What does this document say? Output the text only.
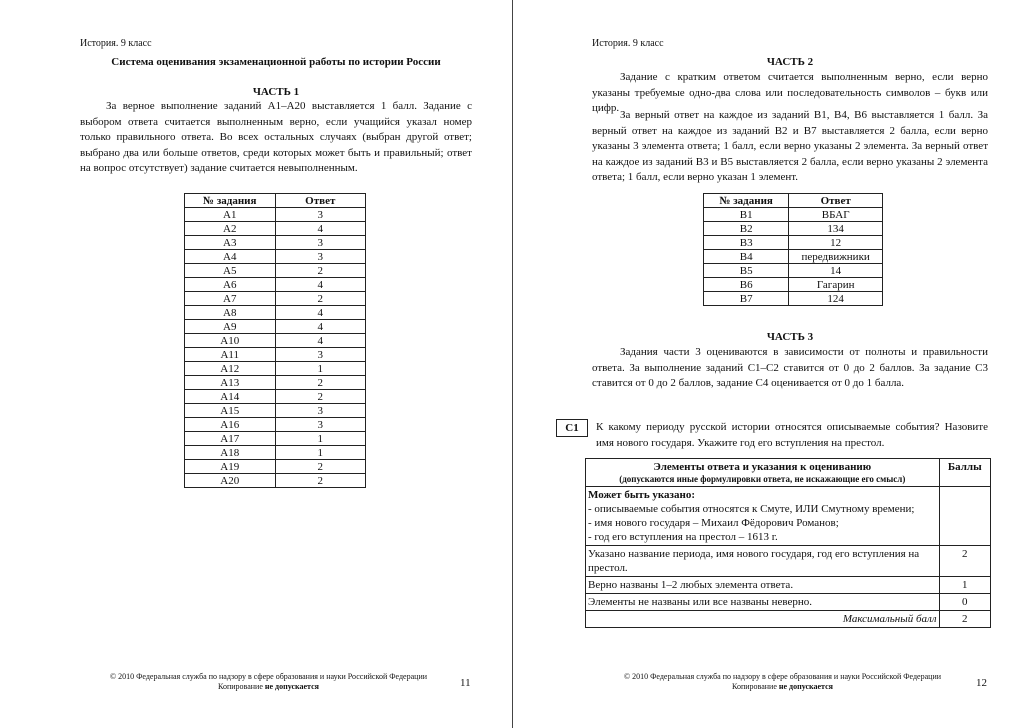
История. 9 класс
Система оценивания экзаменационной работы по истории России
ЧАСТЬ 1
За верное выполнение заданий А1–А20 выставляется 1 балл. Задание с выбором ответа считается выполненным верно, если учащийся указал номер только правильного ответа. Во всех остальных случаях (выбран другой ответ; выбрано два или больше ответов, среди которых может быть и правильный; ответ на вопрос отсутствует) задание считается невыполненным.
№ задания	Ответ
А1	3
А2	4
А3	3
А4	3
А5	2
А6	4
А7	2
А8	4
А9	4
А10	4
А11	3
А12	1
А13	2
А14	2
А15	3
А16	3
А17	1
А18	1
А19	2
А20	2
© 2010 Федеральная служба по надзору в сфере образования и науки Российской Федерации
Копирование не допускается	11
История. 9 класс
ЧАСТЬ 2
Задание с кратким ответом считается выполненным верно, если верно указаны требуемые одно-два слова или последовательность символов – букв или цифр.
За верный ответ на каждое из заданий В1, В4, В6 выставляется 1 балл. За верный ответ на каждое из заданий В2 и В7 выставляется 2 балла, если верно указаны 3 элемента ответа; 1 балл, если верно указаны 2 элемента. За верный ответ на каждое из заданий В3 и В5 выставляется 2 балла, если верно указаны 2 элемента ответа; 1 балл, если верно указан 1 элемент.
№ задания	Ответ
В1	ВБАГ
В2	134
В3	12
В4	передвижники
В5	14
В6	Гагарин
В7	124
ЧАСТЬ 3
Задания части 3 оцениваются в зависимости от полноты и правильности ответа. За выполнение заданий С1–С2 ставится от 0 до 2 баллов. За задание С3 ставится от 0 до 2 баллов, задание С4 оценивается от 0 до 1 балла.
С1	К какому периоду русской истории относятся описываемые события? Назовите имя нового государя. Укажите год его вступления на престол.
Элементы ответа и указания к оцениванию
(допускаются иные формулировки ответа, не искажающие его смысл)	Баллы

Может быть указано:
- описываемые события относятся к Смуте, ИЛИ Смутному времени;
- имя нового государя – Михаил Фёдорович Романов;
- год его вступления на престол – 1613 г.	

Указано название периода, имя нового государя, год его вступления на престол.	2
Верно названы 1–2 любых элемента ответа.	1
Элементы не названы или все названы неверно.	0
Максимальный балл	2
© 2010 Федеральная служба по надзору в сфере образования и науки Российской Федерации
Копирование не допускается	12
